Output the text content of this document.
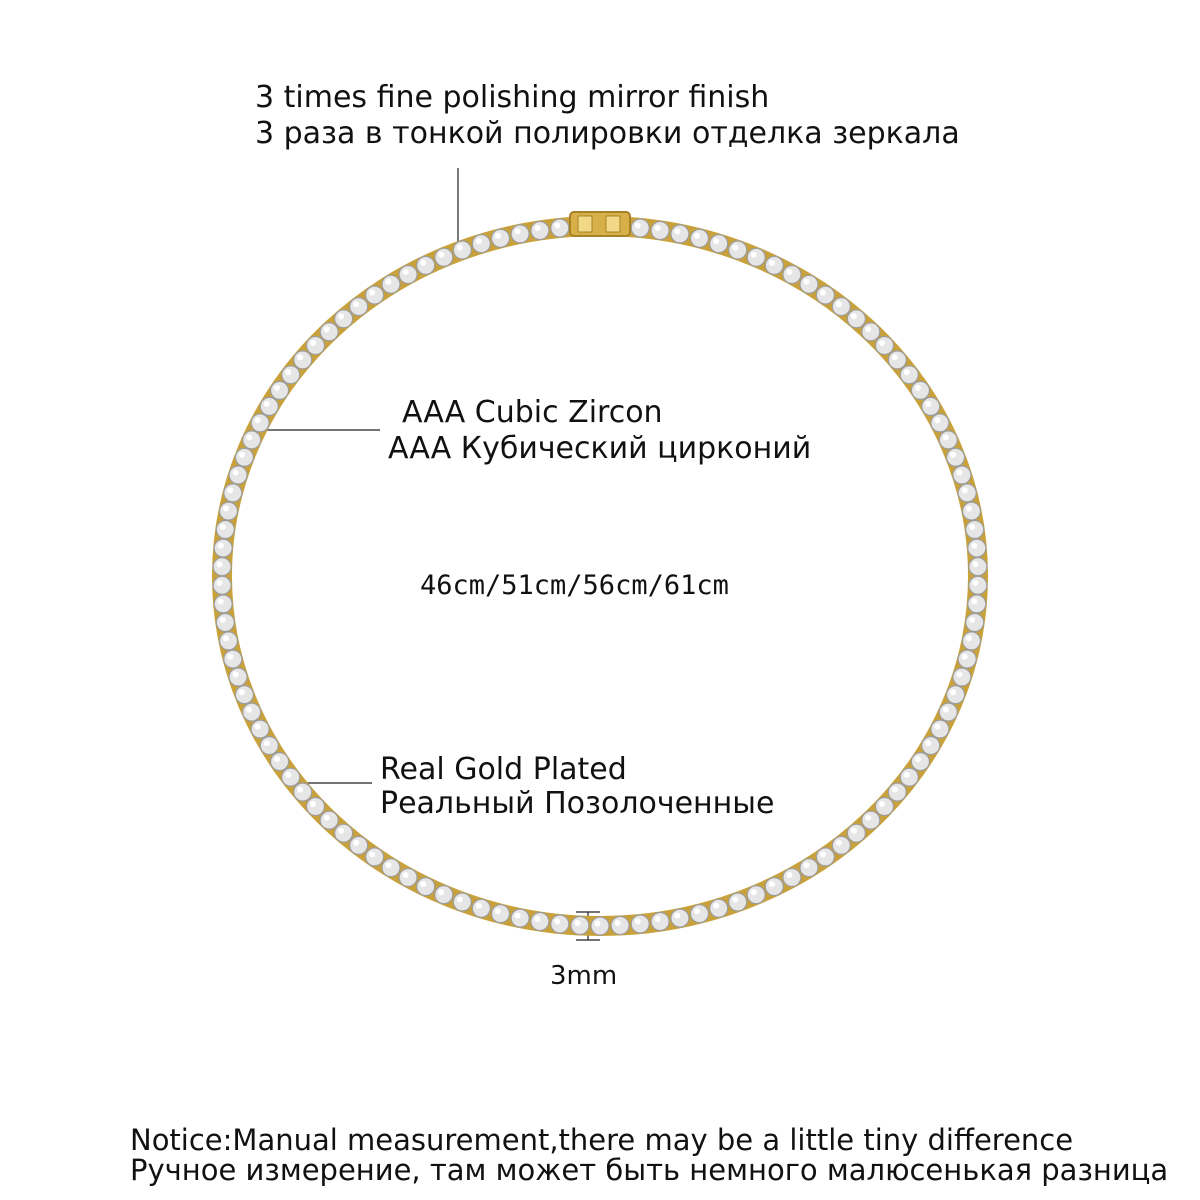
3 times fine polishing mirror finish
3 раза в тонкой полировки отделка зеркала
AAA Cubic Zircon
AAA Кубический цирконий
46cm/51cm/56cm/61cm
Real Gold Plated
Реальный Позолоченные
3mm
Notice:Manual measurement,there may be a little tiny difference
Ручное измерение, там может быть немного малюсенькая разница
